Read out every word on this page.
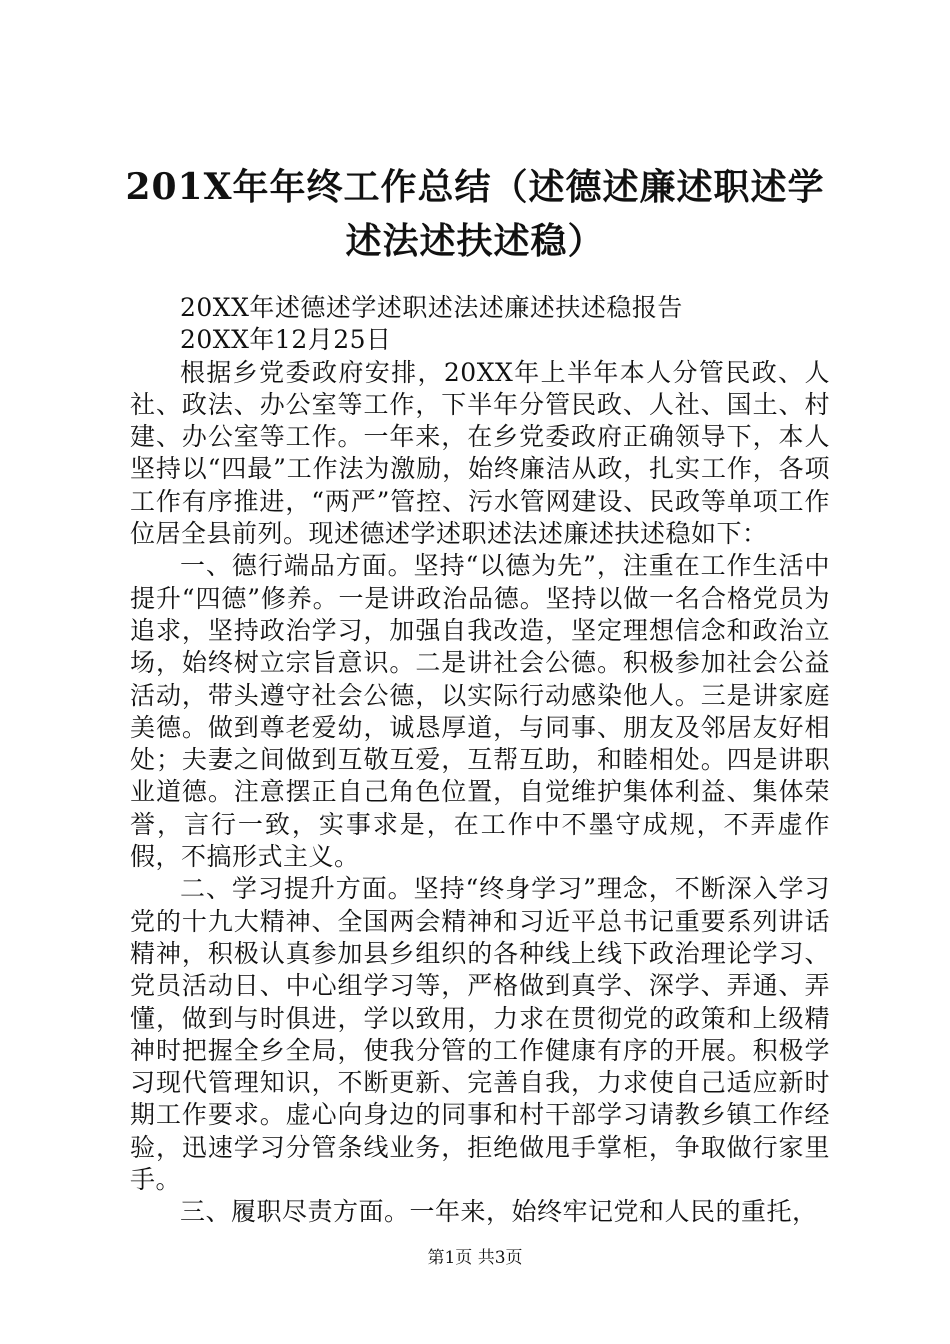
201X年年终工作总结（述德述廉述职述学述法述扶述稳）

20XX年述德述学述职述法述廉述扶述稳报告

20XX年12月25日

根据乡党委政府安排，20XX年上半年本人分管民政、人社、政法、办公室等工作，下半年分管民政、人社、国土、村建、办公室等工作。一年来，在乡党委政府正确领导下，本人坚持以“四最”工作法为激励，始终廉洁从政，扎实工作，各项工作有序推进，“两严”管控、污水管网建设、民政等单项工作位居全县前列。现述德述学述职述法述廉述扶述稳如下：

一、德行端品方面。坚持“以德为先”，注重在工作生活中提升“四德”修养。一是讲政治品德。坚持以做一名合格党员为追求，坚持政治学习，加强自我改造，坚定理想信念和政治立场，始终树立宗旨意识。二是讲社会公德。积极参加社会公益活动，带头遵守社会公德，以实际行动感染他人。三是讲家庭美德。做到尊老爱幼，诚恳厚道，与同事、朋友及邻居友好相处；夫妻之间做到互敬互爱，互帮互助，和睦相处。四是讲职业道德。注意摆正自己角色位置，自觉维护集体利益、集体荣誉，言行一致，实事求是，在工作中不墨守成规，不弄虚作假，不搞形式主义。

二、学习提升方面。坚持“终身学习”理念，不断深入学习党的十九大精神、全国两会精神和习近平总书记重要系列讲话精神，积极认真参加县乡组织的各种线上线下政治理论学习、党员活动日、中心组学习等，严格做到真学、深学、弄通、弄懂，做到与时俱进，学以致用，力求在贯彻党的政策和上级精神时把握全乡全局，使我分管的工作健康有序的开展。积极学习现代管理知识，不断更新、完善自我，力求使自己适应新时期工作要求。虚心向身边的同事和村干部学习请教乡镇工作经验，迅速学习分管条线业务，拒绝做甩手掌柜，争取做行家里手。

三、履职尽责方面。一年来，始终牢记党和人民的重托，

第1页 共3页
